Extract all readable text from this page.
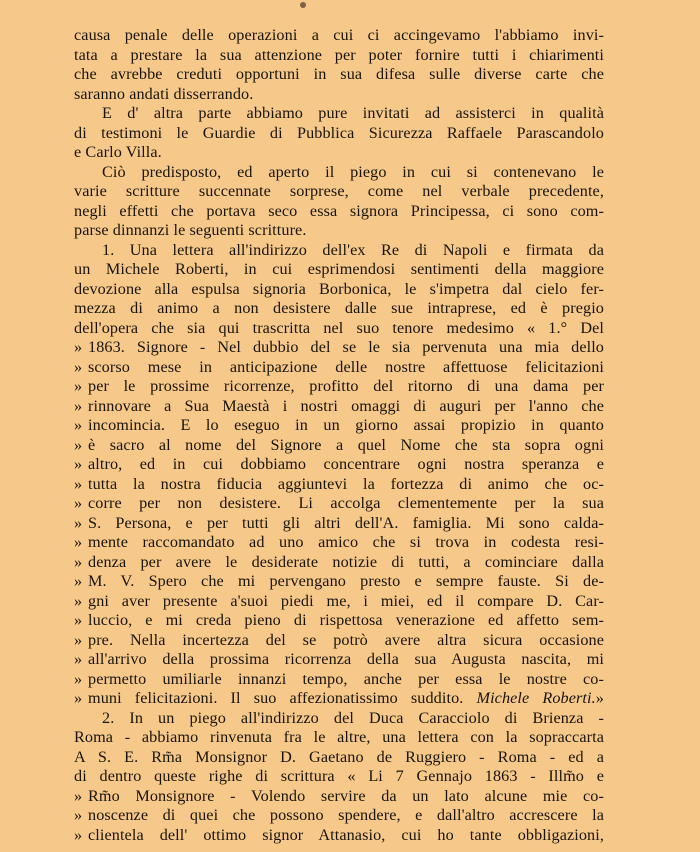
causa penale delle operazioni a cui ci accingevamo l'abbiamo invi-
tata a prestare la sua attenzione per poter fornire tutti i chiarimenti
che avrebbe creduti opportuni in sua difesa sulle diverse carte che
saranno andati disserrando.
E d' altra parte abbiamo pure invitati ad assisterci in qualità
di testimoni le Guardie di Pubblica Sicurezza Raffaele Parascandolo
e Carlo Villa.
Ciò predisposto, ed aperto il piego in cui si contenevano le
varie scritture succennate sorprese, come nel verbale precedente,
negli effetti che portava seco essa signora Principessa, ci sono com-
parse dinnanzi le seguenti scritture.
1. Una lettera all'indirizzo dell'ex Re di Napoli e firmata da
un Michele Roberti, in cui esprimendosi sentimenti della maggiore
devozione alla espulsa signoria Borbonica, le s'impetra dal cielo fer-
mezza di animo a non desistere dalle sue intraprese, ed è pregio
dell'opera che sia qui trascritta nel suo tenore medesimo « 1.° Del
» 1863. Signore - Nel dubbio del se le sia pervenuta una mia dello
» scorso mese in anticipazione delle nostre affettuose felicitazioni
» per le prossime ricorrenze, profitto del ritorno di una dama per
» rinnovare a Sua Maestà i nostri omaggi di auguri per l'anno che
» incomincia. E lo eseguo in un giorno assai propizio in quanto
» è sacro al nome del Signore a quel Nome che sta sopra ogni
» altro, ed in cui dobbiamo concentrare ogni nostra speranza e
» tutta la nostra fiducia aggiuntevi la fortezza di animo che oc-
» corre per non desistere. Li accolga clementemente per la sua
» S. Persona, e per tutti gli altri dell'A. famiglia. Mi sono calda-
» mente raccomandato ad uno amico che si trova in codesta resi-
» denza per avere le desiderate notizie di tutti, a cominciare dalla
» M. V. Spero che mi pervengano presto e sempre fauste. Si de-
» gni aver presente a'suoi piedi me, i miei, ed il compare D. Car-
» luccio, e mi creda pieno di rispettosa venerazione ed affetto sem-
» pre. Nella incertezza del se potrò avere altra sicura occasione
» all'arrivo della prossima ricorrenza della sua Augusta nascita, mi
» permetto umiliarle innanzi tempo, anche per essa le nostre co-
» muni felicitazioni. Il suo affezionatissimo suddito. Michele Roberti.»
2. In un piego all'indirizzo del Duca Caracciolo di Brienza -
Roma - abbiamo rinvenuta fra le altre, una lettera con la sopraccarta
A S. E. Rm̃a Monsignor D. Gaetano de Ruggiero - Roma - ed a
di dentro queste righe di scrittura « Li 7 Gennajo 1863 - Illm̃o e
» Rm̃o Monsignore - Volendo servire da un lato alcune mie co-
» noscenze di quei che possono spendere, e dall'altro accrescere la
» clientela dell' ottimo signor Attanasio, cui ho tante obbligazioni,
